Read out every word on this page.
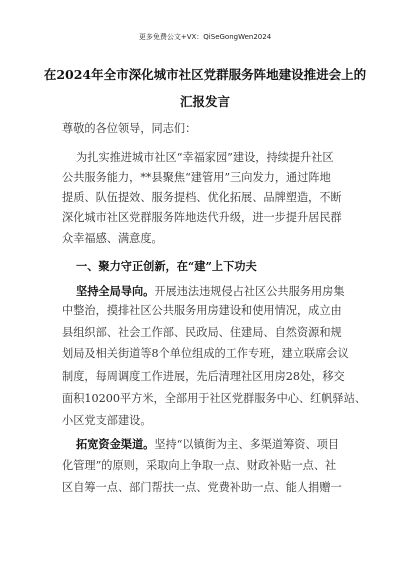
更多免费公文+VX：QiSeGongWen2024
在2024年全市深化城市社区党群服务阵地建设推进会上的
汇报发言
尊敬的各位领导，同志们：
为扎实推进城市社区“幸福家园”建设，持续提升社区
公共服务能力，**县聚焦“建管用”三向发力，通过阵地
提质、队伍提效、服务提档、优化拓展、品牌塑造，不断
深化城市社区党群服务阵地迭代升级，进一步提升居民群
众幸福感、满意度。
一、聚力守正创新，在“建”上下功夫
坚持全局导向。开展违法违规侵占社区公共服务用房集
中整治，摸排社区公共服务用房建设和使用情况，成立由
县组织部、社会工作部、民政局、住建局、自然资源和规
划局及相关街道等8个单位组成的工作专班，建立联席会议
制度，每周调度工作进展，先后清理社区用房28处，移交
面积10200平方米，全部用于社区党群服务中心、红帆驿站、
小区党支部建设。
拓宽资金渠道。坚持“以镇街为主、多渠道筹资、项目
化管理”的原则，采取向上争取一点、财政补贴一点、社
区自筹一点、部门帮扶一点、党费补助一点、能人捐赠一
